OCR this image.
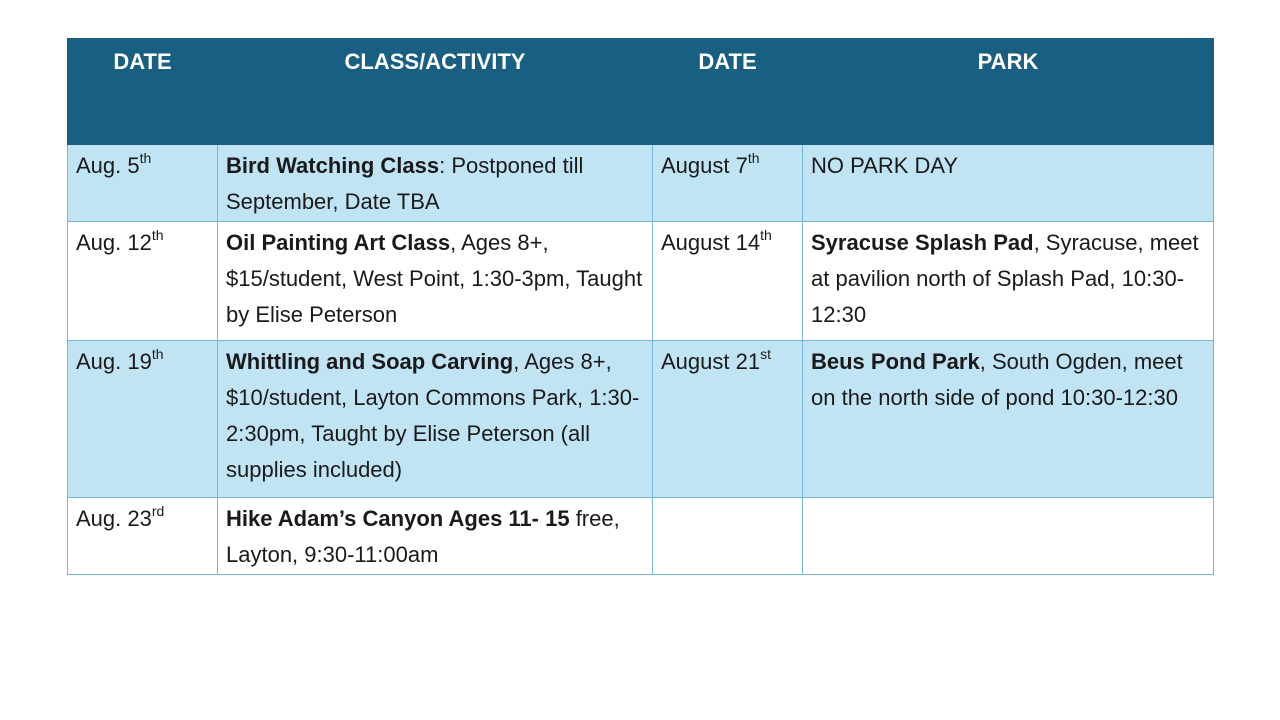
DATE	CLASS/ACTIVITY	DATE	PARK
Aug. 5th	Bird Watching Class: Postponed till September, Date TBA	August 7th	NO PARK DAY
Aug. 12th	Oil Painting Art Class, Ages 8+, $15/student, West Point, 1:30-3pm, Taught by Elise Peterson	August 14th	Syracuse Splash Pad, Syracuse, meet at pavilion north of Splash Pad, 10:30-12:30
Aug. 19th	Whittling and Soap Carving, Ages 8+, $10/student, Layton Commons Park, 1:30-2:30pm, Taught by Elise Peterson (all supplies included)	August 21st	Beus Pond Park, South Ogden, meet on the north side of pond 10:30-12:30
Aug. 23rd	Hike Adam’s Canyon Ages 11- 15 free, Layton, 9:30-11:00am		
